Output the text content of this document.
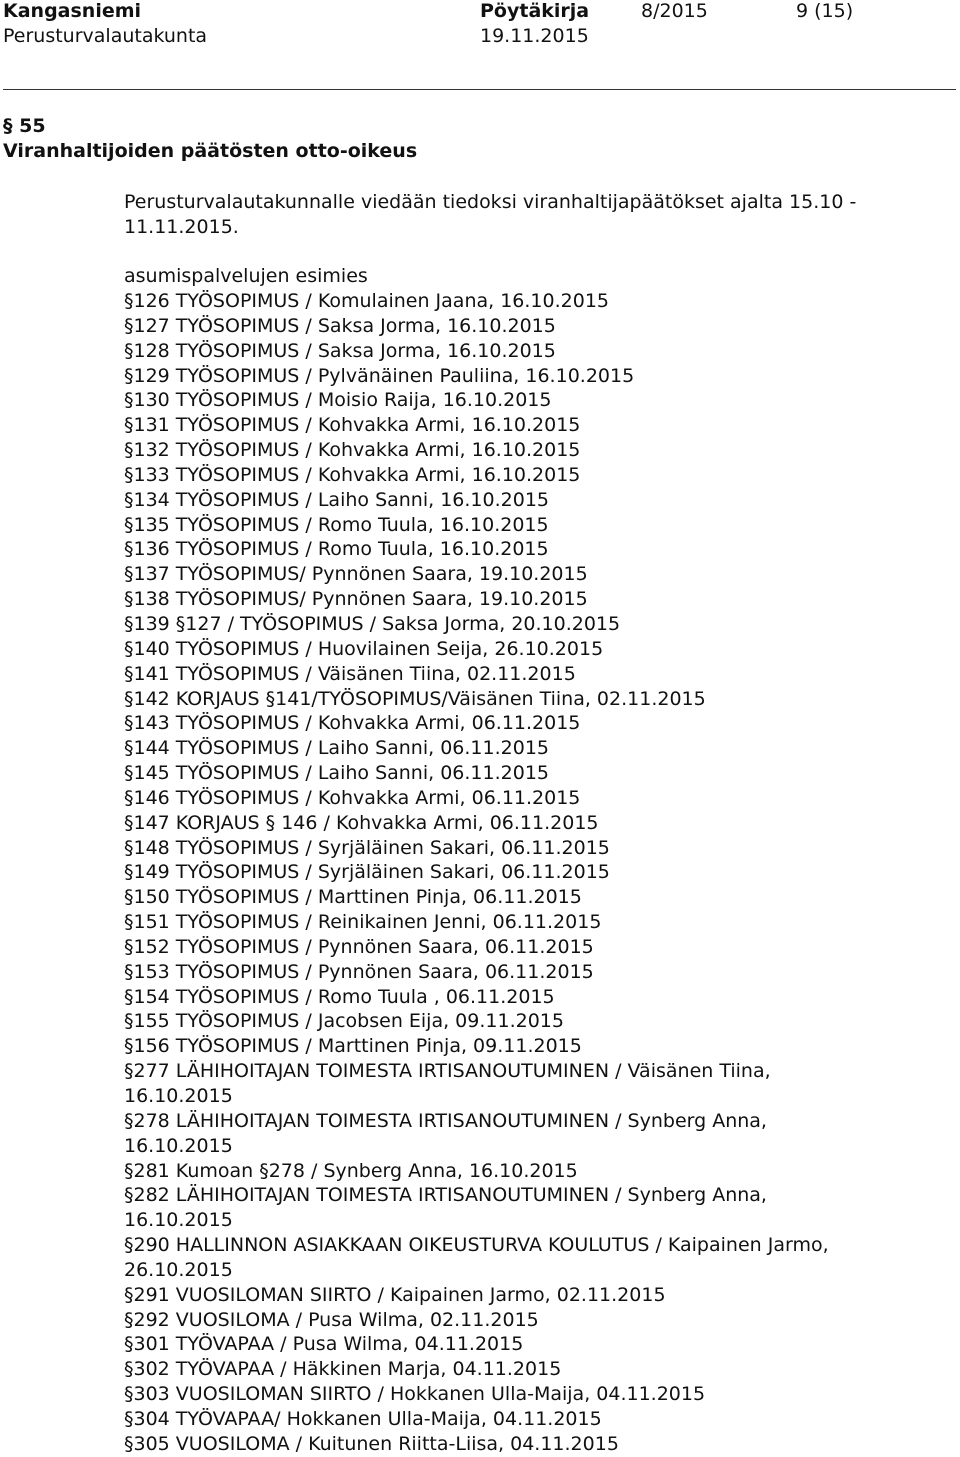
Kangasniemi	Pöytäkirja	8/2015	9 (15)
Perusturvalautakunta	19.11.2015
§ 55
Viranhaltijoiden päätösten otto-oikeus
Perusturvalautakunnalle viedään tiedoksi viranhaltijapäätökset ajalta 15.10 -
11.11.2015.
asumispalvelujen esimies
§126 TYÖSOPIMUS / Komulainen Jaana, 16.10.2015
§127 TYÖSOPIMUS / Saksa Jorma, 16.10.2015
§128 TYÖSOPIMUS / Saksa Jorma, 16.10.2015
§129 TYÖSOPIMUS / Pylvänäinen Pauliina, 16.10.2015
§130 TYÖSOPIMUS / Moisio Raija, 16.10.2015
§131 TYÖSOPIMUS / Kohvakka Armi, 16.10.2015
§132 TYÖSOPIMUS / Kohvakka Armi, 16.10.2015
§133 TYÖSOPIMUS / Kohvakka Armi, 16.10.2015
§134 TYÖSOPIMUS / Laiho Sanni, 16.10.2015
§135 TYÖSOPIMUS / Romo Tuula, 16.10.2015
§136 TYÖSOPIMUS / Romo Tuula, 16.10.2015
§137 TYÖSOPIMUS/ Pynnönen Saara, 19.10.2015
§138 TYÖSOPIMUS/ Pynnönen Saara, 19.10.2015
§139 §127 / TYÖSOPIMUS / Saksa Jorma, 20.10.2015
§140 TYÖSOPIMUS / Huovilainen Seija, 26.10.2015
§141 TYÖSOPIMUS / Väisänen Tiina, 02.11.2015
§142 KORJAUS §141/TYÖSOPIMUS/Väisänen Tiina, 02.11.2015
§143 TYÖSOPIMUS / Kohvakka Armi, 06.11.2015
§144 TYÖSOPIMUS / Laiho Sanni, 06.11.2015
§145 TYÖSOPIMUS / Laiho Sanni, 06.11.2015
§146 TYÖSOPIMUS / Kohvakka Armi, 06.11.2015
§147 KORJAUS § 146 / Kohvakka Armi, 06.11.2015
§148 TYÖSOPIMUS / Syrjäläinen Sakari, 06.11.2015
§149 TYÖSOPIMUS / Syrjäläinen Sakari, 06.11.2015
§150 TYÖSOPIMUS / Marttinen Pinja, 06.11.2015
§151 TYÖSOPIMUS / Reinikainen Jenni, 06.11.2015
§152 TYÖSOPIMUS / Pynnönen Saara, 06.11.2015
§153 TYÖSOPIMUS / Pynnönen Saara, 06.11.2015
§154 TYÖSOPIMUS / Romo Tuula , 06.11.2015
§155 TYÖSOPIMUS / Jacobsen Eija, 09.11.2015
§156 TYÖSOPIMUS / Marttinen Pinja, 09.11.2015
§277 LÄHIHOITAJAN TOIMESTA IRTISANOUTUMINEN / Väisänen Tiina,
16.10.2015
§278 LÄHIHOITAJAN TOIMESTA IRTISANOUTUMINEN / Synberg Anna,
16.10.2015
§281 Kumoan §278 / Synberg Anna, 16.10.2015
§282 LÄHIHOITAJAN TOIMESTA IRTISANOUTUMINEN / Synberg Anna,
16.10.2015
§290 HALLINNON ASIAKKAAN OIKEUSTURVA KOULUTUS / Kaipainen Jarmo,
26.10.2015
§291 VUOSILOMAN SIIRTO / Kaipainen Jarmo, 02.11.2015
§292 VUOSILOMA / Pusa Wilma, 02.11.2015
§301 TYÖVAPAA / Pusa Wilma, 04.11.2015
§302 TYÖVAPAA / Häkkinen Marja, 04.11.2015
§303 VUOSILOMAN SIIRTO / Hokkanen Ulla-Maija, 04.11.2015
§304 TYÖVAPAA/ Hokkanen Ulla-Maija, 04.11.2015
§305 VUOSILOMA / Kuitunen Riitta-Liisa, 04.11.2015
